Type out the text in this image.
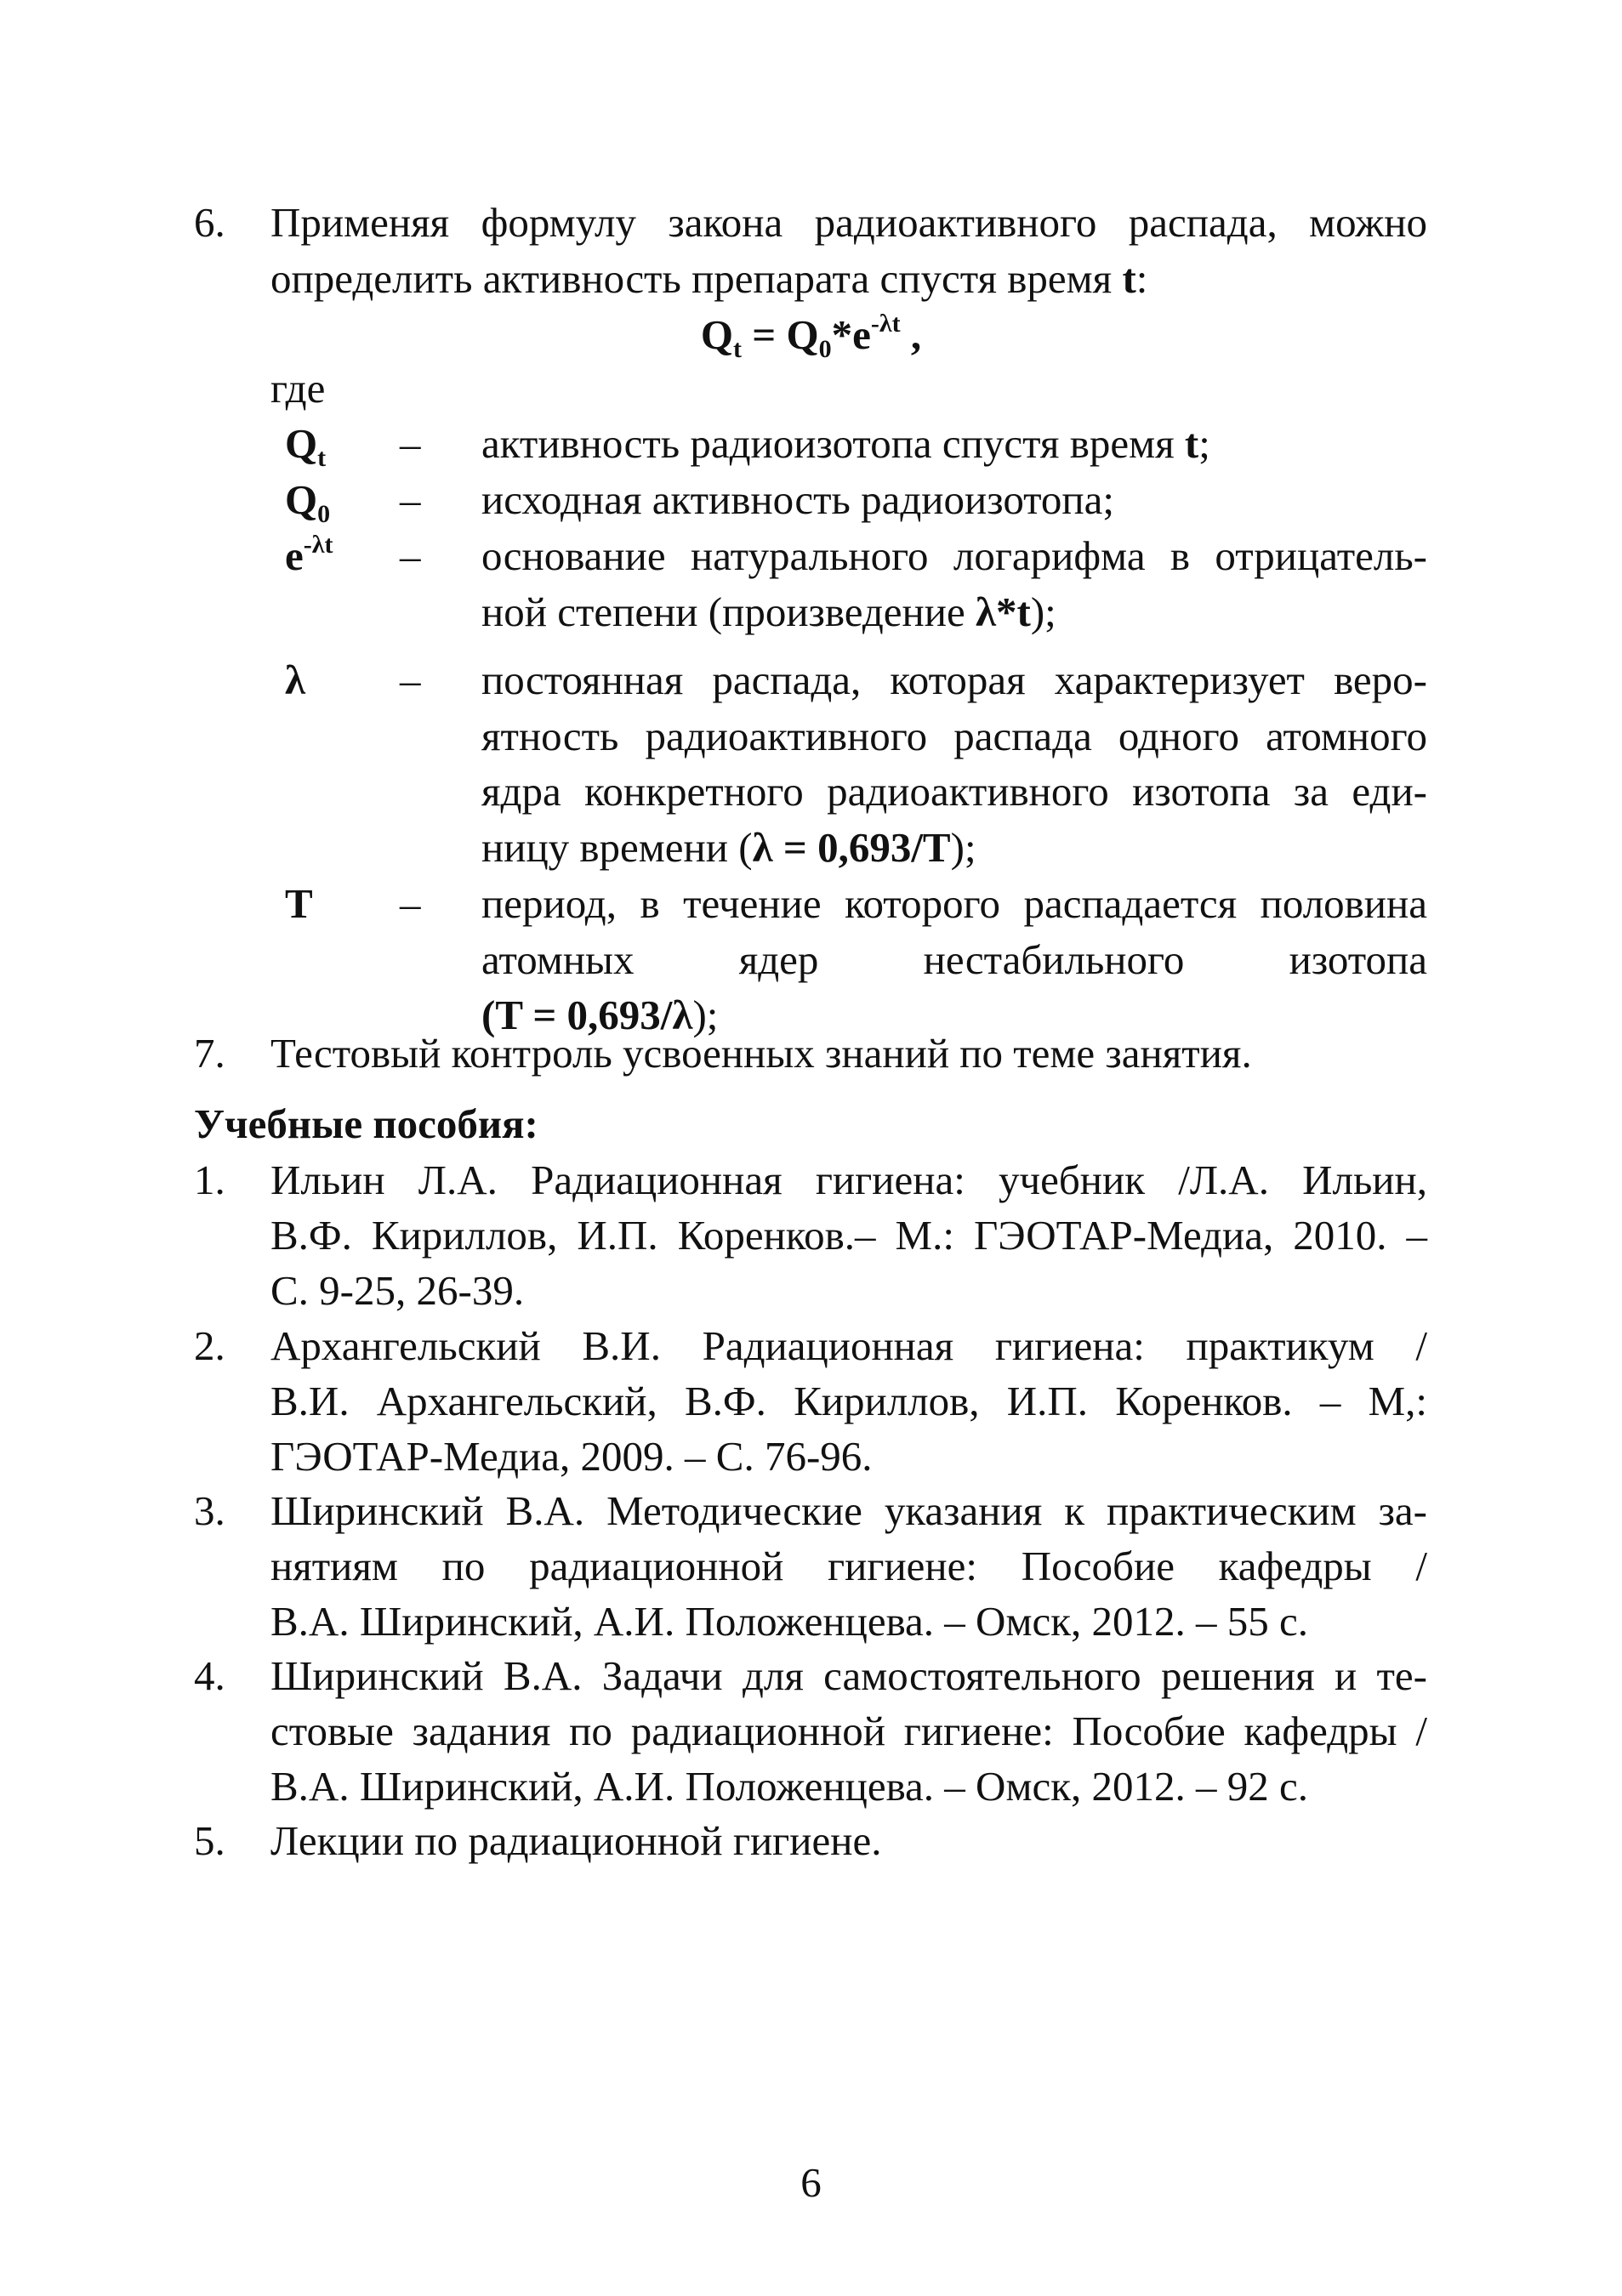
6. Применяя формулу закона радиоактивного распада, можно
определить активность препарата спустя время t:
$Q_t = Q_0*e^{-\lambda t}$ ,
где
$Q_t$ – активность радиоизотопа спустя время t;
$Q_0$ – исходная активность радиоизотопа;
$e^{-\lambda t}$ – основание натурального логарифма в отрицатель-
ной степени (произведение λ*t);
λ – постоянная распада, которая характеризует веро-
ятность радиоактивного распада одного атомного
ядра конкретного радиоактивного изотопа за еди-
ницу времени (λ = 0,693/T);
T – период, в течение которого распадается половина
атомных ядер нестабильного изотопа
(T = 0,693/λ);
7. Тестовый контроль усвоенных знаний по теме занятия.
Учебные пособия:
1. Ильин Л.А. Радиационная гигиена: учебник /Л.А. Ильин,
В.Ф. Кириллов, И.П. Коренков.– М.: ГЭОТАР-Медиа, 2010. –
С. 9-25, 26-39.
2. Архангельский В.И. Радиационная гигиена: практикум /
В.И. Архангельский, В.Ф. Кириллов, И.П. Коренков. – М,:
ГЭОТАР-Медиа, 2009. – С. 76-96.
3. Ширинский В.А. Методические указания к практическим за-
нятиям по радиационной гигиене: Пособие кафедры /
В.А. Ширинский, А.И. Положенцева. – Омск, 2012. – 55 с.
4. Ширинский В.А. Задачи для самостоятельного решения и те-
стовые задания по радиационной гигиене: Пособие кафедры /
В.А. Ширинский, А.И. Положенцева. – Омск, 2012. – 92 с.
5. Лекции по радиационной гигиене.
6
